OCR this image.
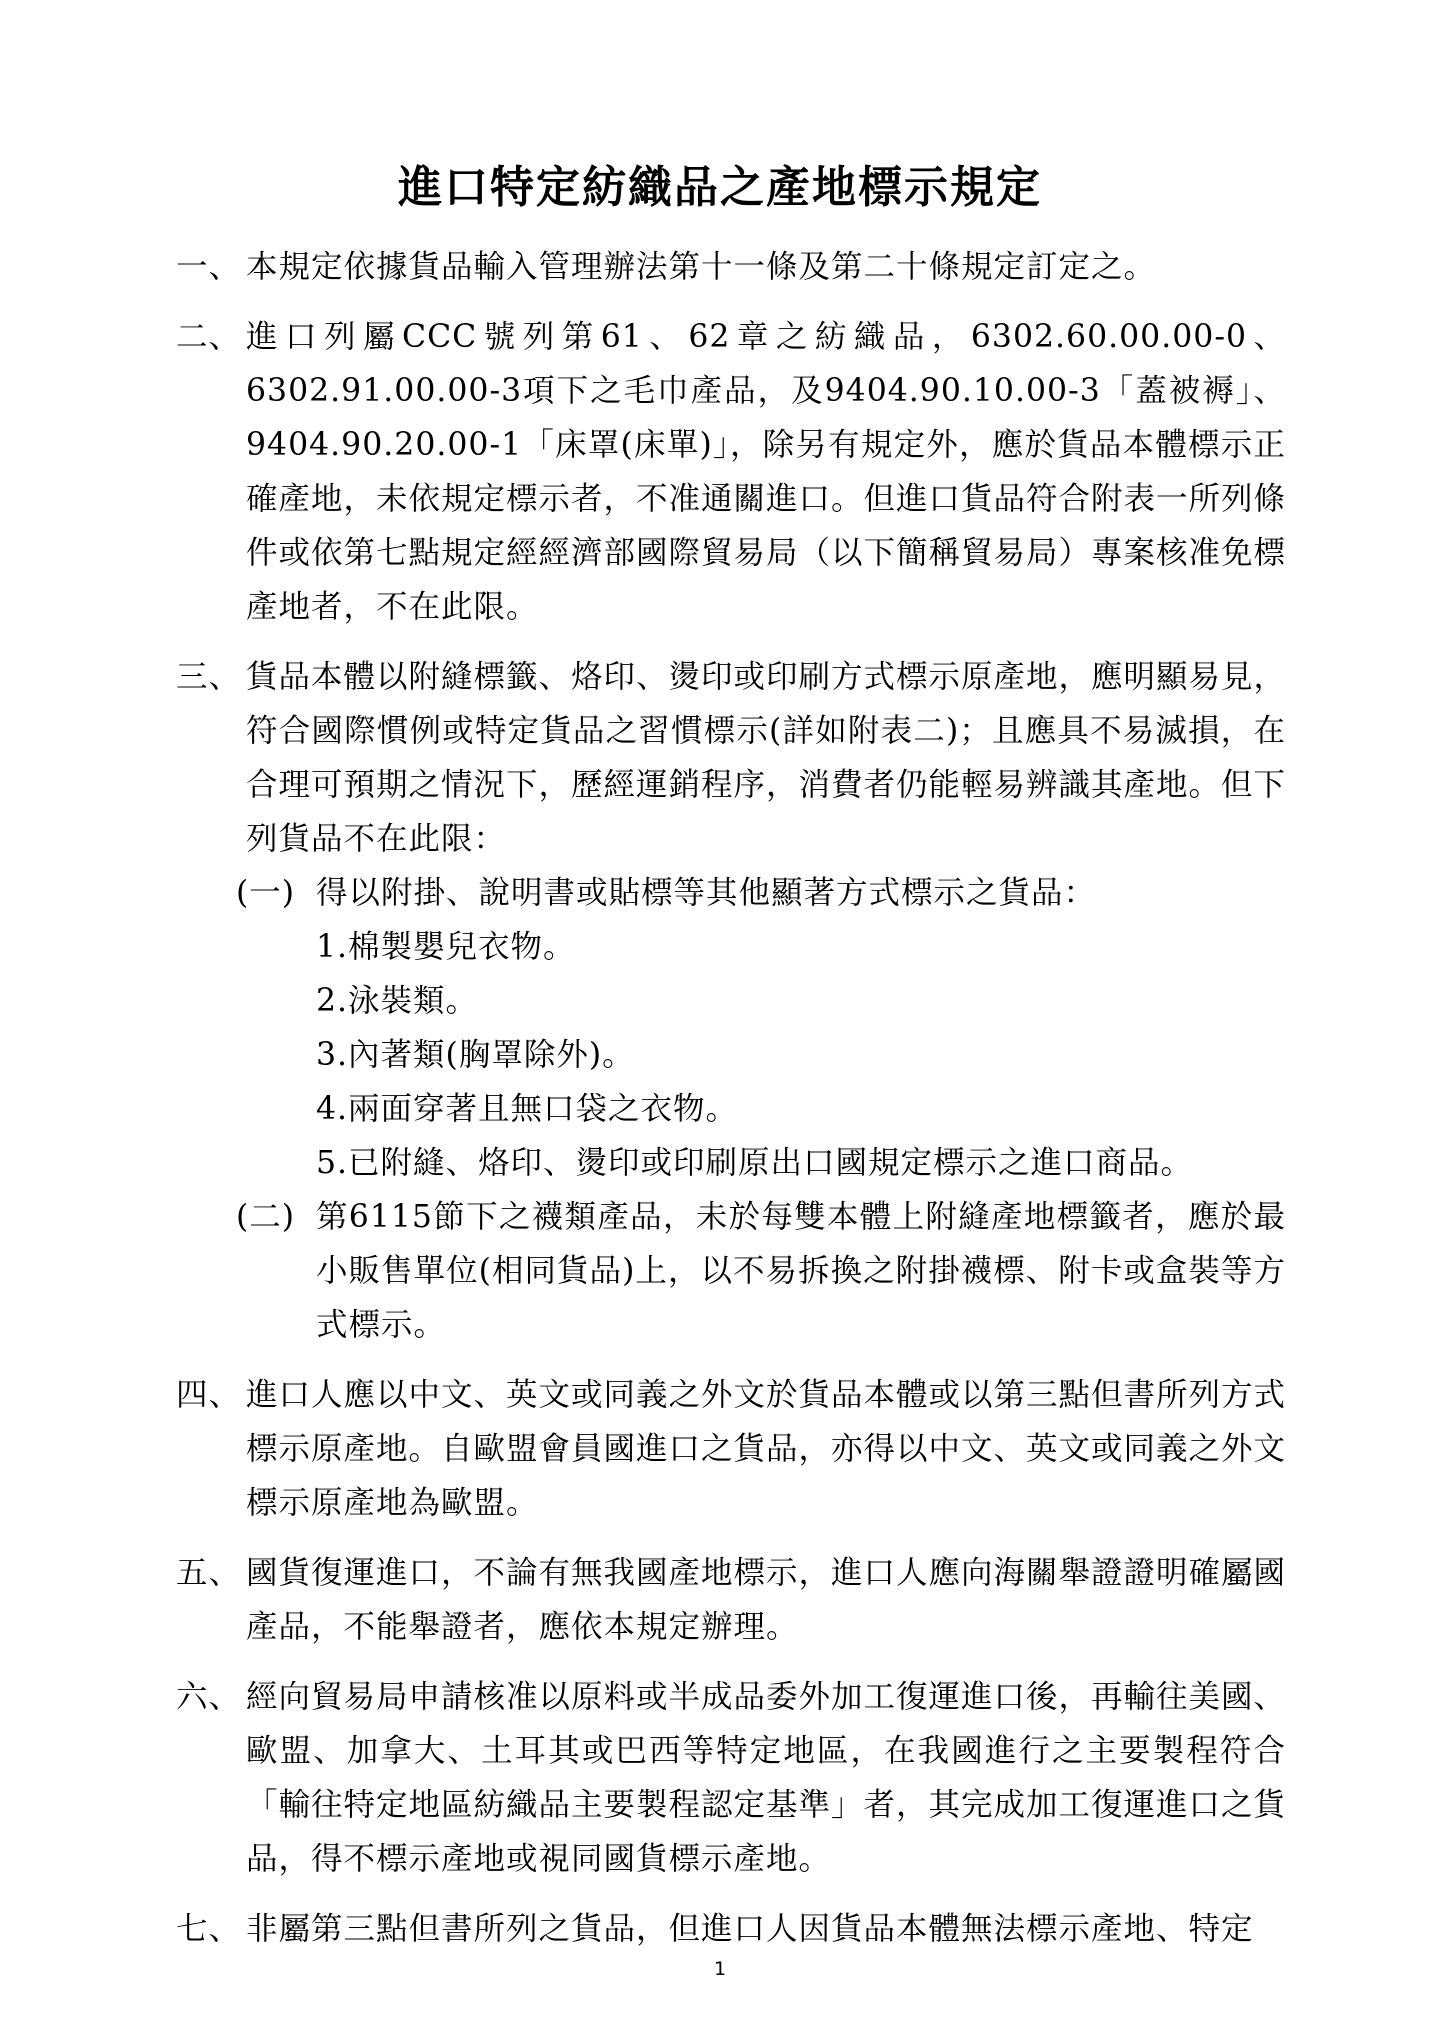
進口特定紡織品之產地標示規定
一、 本規定依據貨品輸入管理辦法第十一條及第二十條規定訂定之。
二、 進口列屬CCC號列第61、62章之紡織品，6302.60.00.00-0、6302.91.00.00-3項下之毛巾產品，及9404.90.10.00-3「蓋被褥」、9404.90.20.00-1「床罩(床單)」，除另有規定外，應於貨品本體標示正確產地，未依規定標示者，不准通關進口。但進口貨品符合附表一所列條件或依第七點規定經經濟部國際貿易局（以下簡稱貿易局）專案核准免標產地者，不在此限。
三、 貨品本體以附縫標籤、烙印、燙印或印刷方式標示原產地，應明顯易見，符合國際慣例或特定貨品之習慣標示(詳如附表二)；且應具不易滅損，在合理可預期之情況下，歷經運銷程序，消費者仍能輕易辨識其產地。但下列貨品不在此限：
(一) 得以附掛、說明書或貼標等其他顯著方式標示之貨品：
1.棉製嬰兒衣物。
2.泳裝類。
3.內著類(胸罩除外)。
4.兩面穿著且無口袋之衣物。
5.已附縫、烙印、燙印或印刷原出口國規定標示之進口商品。
(二) 第6115節下之襪類產品，未於每雙本體上附縫產地標籤者，應於最小販售單位(相同貨品)上，以不易拆換之附掛襪標、附卡或盒裝等方式標示。
四、 進口人應以中文、英文或同義之外文於貨品本體或以第三點但書所列方式標示原產地。自歐盟會員國進口之貨品，亦得以中文、英文或同義之外文標示原產地為歐盟。
五、 國貨復運進口，不論有無我國產地標示，進口人應向海關舉證證明確屬國產品，不能舉證者，應依本規定辦理。
六、 經向貿易局申請核准以原料或半成品委外加工復運進口後，再輸往美國、歐盟、加拿大、土耳其或巴西等特定地區，在我國進行之主要製程符合「輸往特定地區紡織品主要製程認定基準」者，其完成加工復運進口之貨品，得不標示產地或視同國貨標示產地。
七、 非屬第三點但書所列之貨品，但進口人因貨品本體無法標示產地、特定
1
